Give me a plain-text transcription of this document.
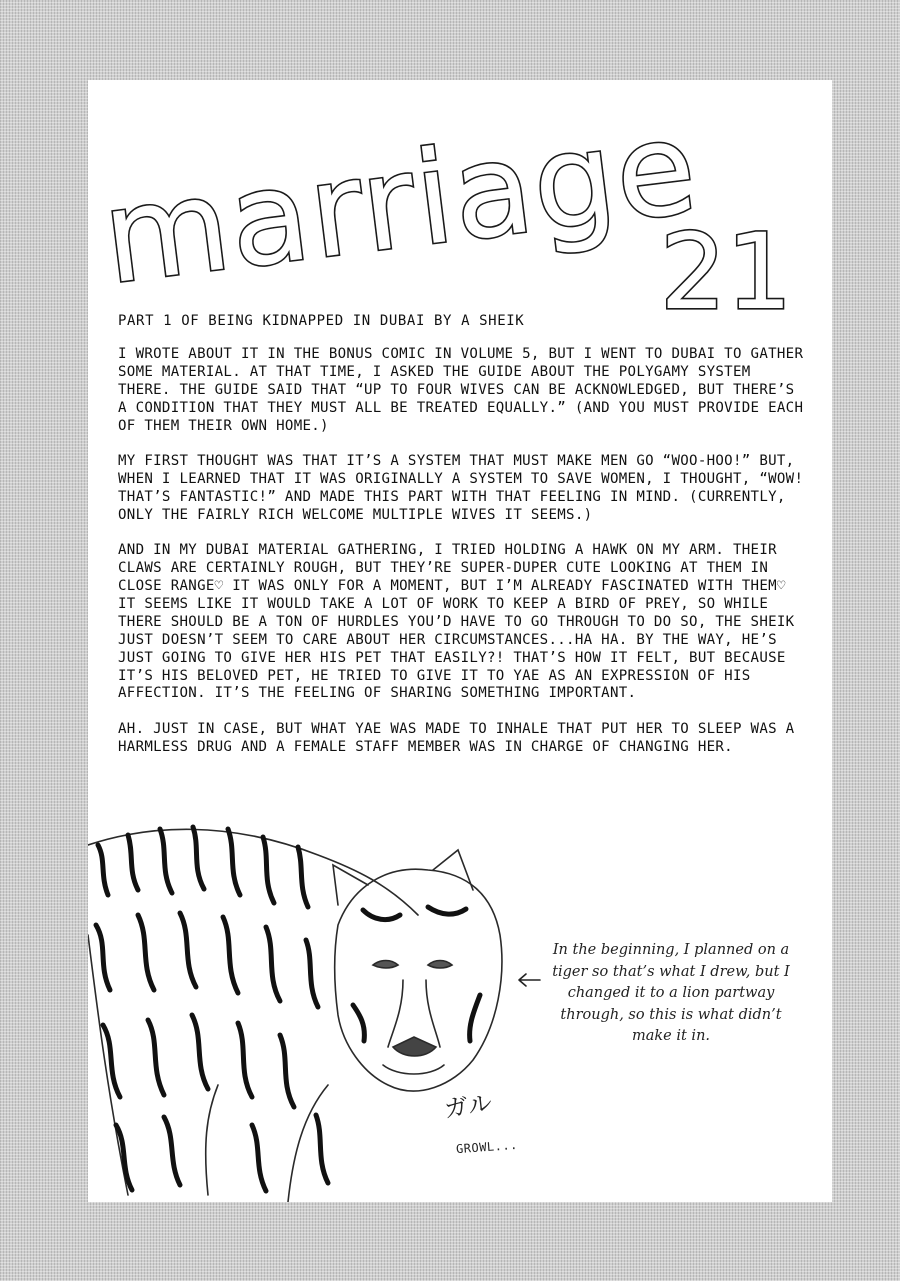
marriage
21

PART 1 OF BEING KIDNAPPED IN DUBAI BY A SHEIK

I WROTE ABOUT IT IN THE BONUS COMIC IN VOLUME 5, BUT I WENT TO DUBAI TO GATHER SOME MATERIAL. AT THAT TIME, I ASKED THE GUIDE ABOUT THE POLYGAMY SYSTEM THERE. THE GUIDE SAID THAT “UP TO FOUR WIVES CAN BE ACKNOWLEDGED, BUT THERE’S A CONDITION THAT THEY MUST ALL BE TREATED EQUALLY.” (AND YOU MUST PROVIDE EACH OF THEM THEIR OWN HOME.)

MY FIRST THOUGHT WAS THAT IT’S A SYSTEM THAT MUST MAKE MEN GO “WOO-HOO!” BUT, WHEN I LEARNED THAT IT WAS ORIGINALLY A SYSTEM TO SAVE WOMEN, I THOUGHT, “WOW! THAT’S FANTASTIC!” AND MADE THIS PART WITH THAT FEELING IN MIND. (CURRENTLY, ONLY THE FAIRLY RICH WELCOME MULTIPLE WIVES IT SEEMS.)

AND IN MY DUBAI MATERIAL GATHERING, I TRIED HOLDING A HAWK ON MY ARM. THEIR CLAWS ARE CERTAINLY ROUGH, BUT THEY’RE SUPER-DUPER CUTE LOOKING AT THEM IN CLOSE RANGE♡ IT WAS ONLY FOR A MOMENT, BUT I’M ALREADY FASCINATED WITH THEM♡ IT SEEMS LIKE IT WOULD TAKE A LOT OF WORK TO KEEP A BIRD OF PREY, SO WHILE THERE SHOULD BE A TON OF HURDLES YOU’D HAVE TO GO THROUGH TO DO SO, THE SHEIK JUST DOESN’T SEEM TO CARE ABOUT HER CIRCUMSTANCES...HA HA. BY THE WAY, HE’S JUST GOING TO GIVE HER HIS PET THAT EASILY?! THAT’S HOW IT FELT, BUT BECAUSE IT’S HIS BELOVED PET, HE TRIED TO GIVE IT TO YAE AS AN EXPRESSION OF HIS AFFECTION. IT’S THE FEELING OF SHARING SOMETHING IMPORTANT.

AH. JUST IN CASE, BUT WHAT YAE WAS MADE TO INHALE THAT PUT HER TO SLEEP WAS A HARMLESS DRUG AND A FEMALE STAFF MEMBER WAS IN CHARGE OF CHANGING HER.

In the beginning, I planned on a tiger so that’s what I drew, but I changed it to a lion partway through, so this is what didn’t make it in.

ガル

GROWL...
